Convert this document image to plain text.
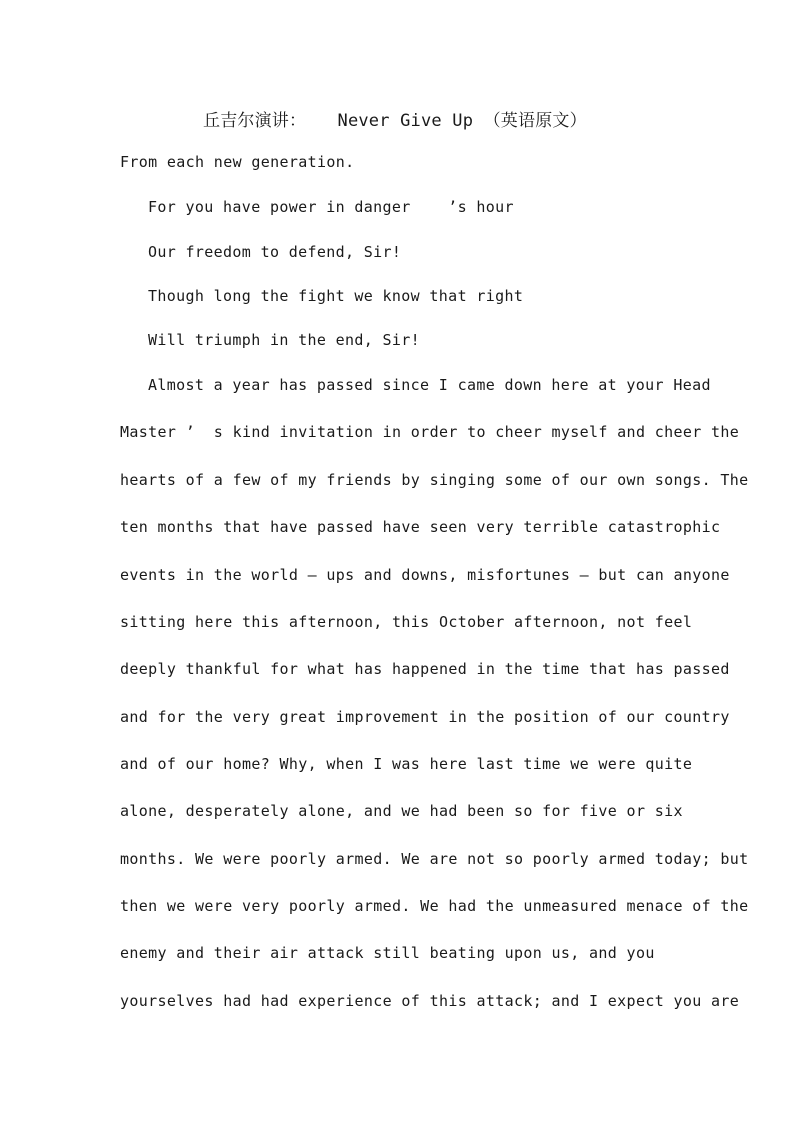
丘吉尔演讲：   Never Give Up （英语原文）
From each new generation.
For you have power in danger    ’s hour
Our freedom to defend, Sir!
Though long the fight we know that right
Will triumph in the end, Sir!
Almost a year has passed since I came down here at your Head
Master ’  s kind invitation in order to cheer myself and cheer the
hearts of a few of my friends by singing some of our own songs. The
ten months that have passed have seen very terrible catastrophic
events in the world – ups and downs, misfortunes – but can anyone
sitting here this afternoon, this October afternoon, not feel
deeply thankful for what has happened in the time that has passed
and for the very great improvement in the position of our country
and of our home? Why, when I was here last time we were quite
alone, desperately alone, and we had been so for five or six
months. We were poorly armed. We are not so poorly armed today; but
then we were very poorly armed. We had the unmeasured menace of the
enemy and their air attack still beating upon us, and you
yourselves had had experience of this attack; and I expect you are
